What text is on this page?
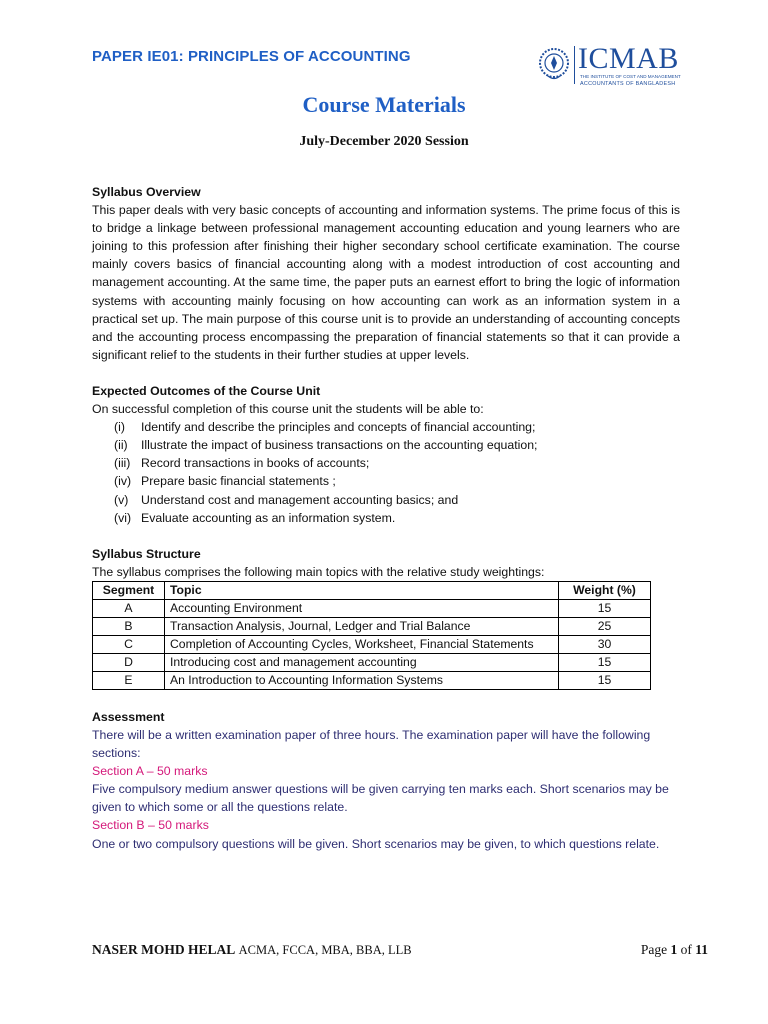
PAPER IE01: PRINCIPLES OF ACCOUNTING	ICMAB
THE INSTITUTE OF COST AND MANAGEMENT
ACCOUNTANTS OF BANGLADESH
Course Materials
July-December 2020 Session
Syllabus Overview
This paper deals with very basic concepts of accounting and information systems. The prime focus of this is to bridge a linkage between professional management accounting education and young learners who are joining to this profession after finishing their higher secondary school certificate examination. The course mainly covers basics of financial accounting along with a modest introduction of cost accounting and management accounting. At the same time, the paper puts an earnest effort to bring the logic of information systems with accounting mainly focusing on how accounting can work as an information system in a practical set up. The main purpose of this course unit is to provide an understanding of accounting concepts and the accounting process encompassing the preparation of financial statements so that it can provide a significant relief to the students in their further studies at upper levels.
Expected Outcomes of the Course Unit
On successful completion of this course unit the students will be able to:
(i)	Identify and describe the principles and concepts of financial accounting;
(ii)	Illustrate the impact of business transactions on the accounting equation;
(iii) Record transactions in books of accounts;
(iv) Prepare basic financial statements ;
(v)	Understand cost and management accounting basics; and
(vi) Evaluate accounting as an information system.
Syllabus Structure
The syllabus comprises the following main topics with the relative study weightings:
Segment	Topic	Weight (%)
A	Accounting Environment	15
B	Transaction Analysis, Journal, Ledger and Trial Balance	25
C	Completion of Accounting Cycles, Worksheet, Financial Statements	30
D	Introducing cost and management accounting	15
E	An Introduction to Accounting Information Systems	15
Assessment
There will be a written examination paper of three hours. The examination paper will have the following sections:
Section A – 50 marks
Five compulsory medium answer questions will be given carrying ten marks each. Short scenarios may be given to which some or all the questions relate.
Section B – 50 marks
One or two compulsory questions will be given. Short scenarios may be given, to which questions relate.
NASER MOHD HELAL ACMA, FCCA, MBA, BBA, LLB	Page 1 of 11
